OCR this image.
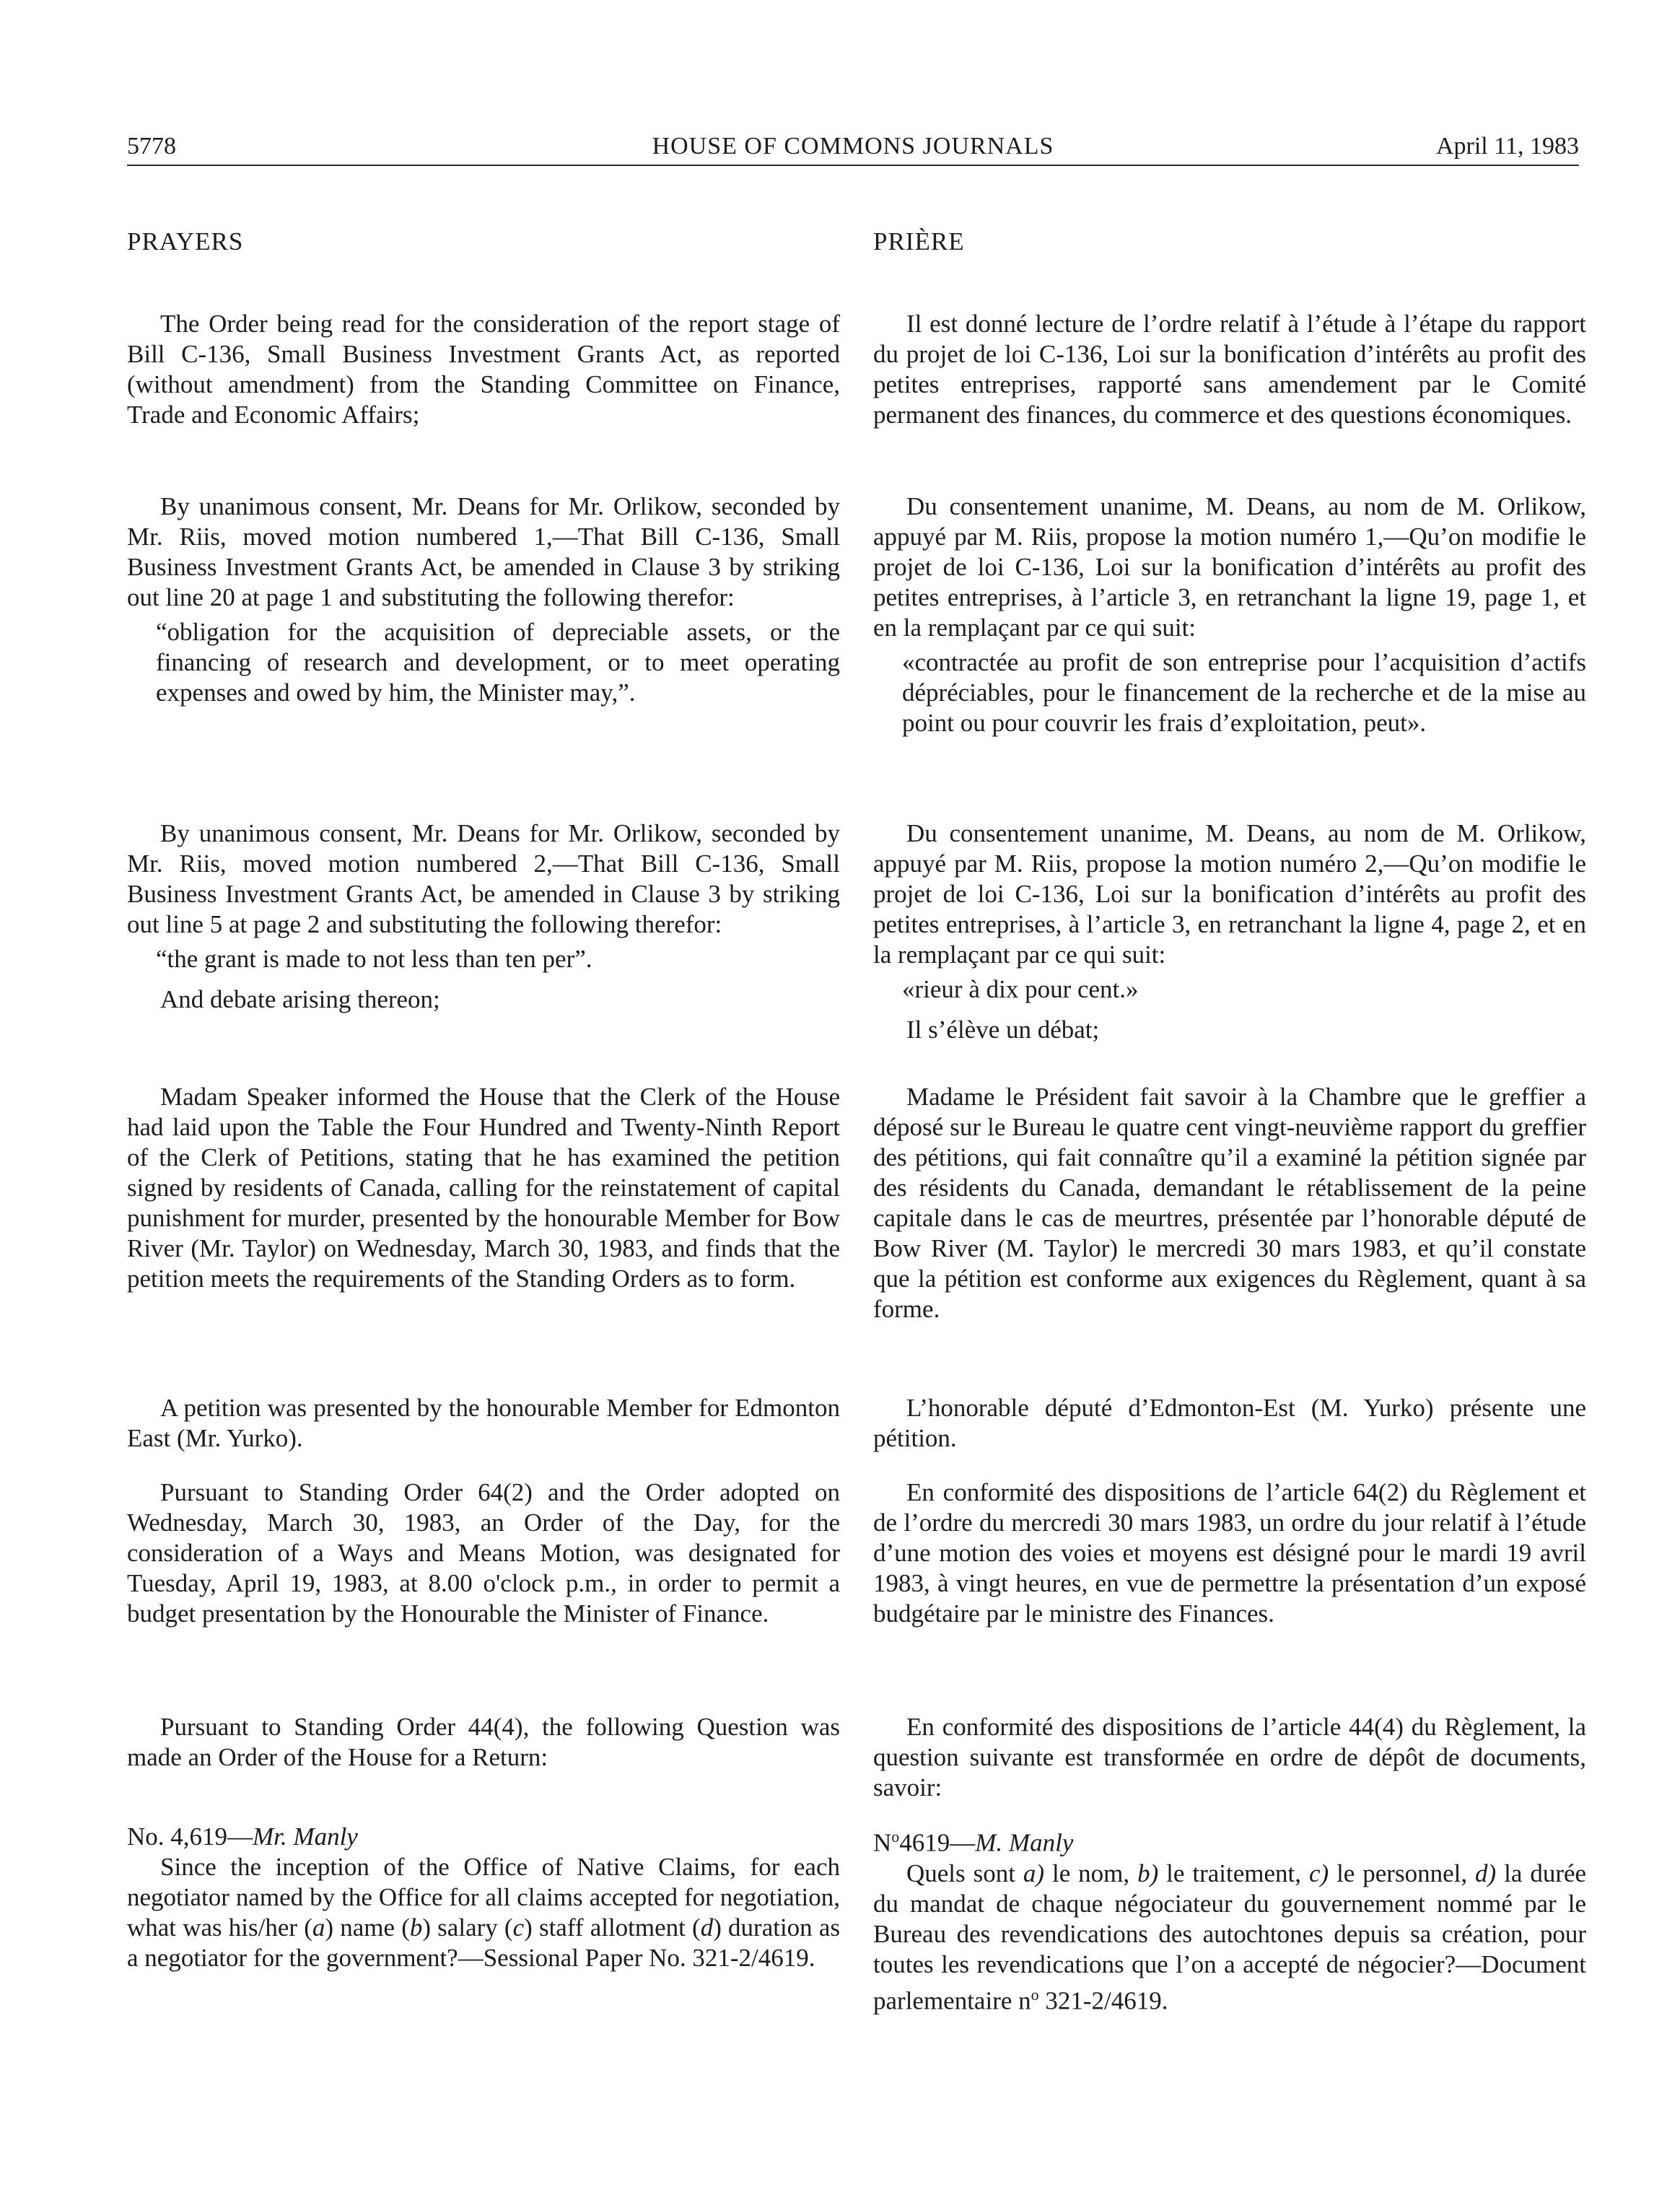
5778	HOUSE OF COMMONS JOURNALS	April 11, 1983
PRAYERS

The Order being read for the consideration of the report stage of Bill C-136, Small Business Investment Grants Act, as reported (without amendment) from the Standing Committee on Finance, Trade and Economic Affairs;

By unanimous consent, Mr. Deans for Mr. Orlikow, seconded by Mr. Riis, moved motion numbered 1,—That Bill C-136, Small Business Investment Grants Act, be amended in Clause 3 by striking out line 20 at page 1 and substituting the following therefor:

“obligation for the acquisition of depreciable assets, or the financing of research and development, or to meet operating expenses and owed by him, the Minister may,”.

By unanimous consent, Mr. Deans for Mr. Orlikow, seconded by Mr. Riis, moved motion numbered 2,—That Bill C-136, Small Business Investment Grants Act, be amended in Clause 3 by striking out line 5 at page 2 and substituting the following therefor:

“the grant is made to not less than ten per”.

And debate arising thereon;

Madam Speaker informed the House that the Clerk of the House had laid upon the Table the Four Hundred and Twenty-Ninth Report of the Clerk of Petitions, stating that he has examined the petition signed by residents of Canada, calling for the reinstatement of capital punishment for murder, presented by the honourable Member for Bow River (Mr. Taylor) on Wednesday, March 30, 1983, and finds that the petition meets the requirements of the Standing Orders as to form.

A petition was presented by the honourable Member for Edmonton East (Mr. Yurko).

Pursuant to Standing Order 64(2) and the Order adopted on Wednesday, March 30, 1983, an Order of the Day, for the consideration of a Ways and Means Motion, was designated for Tuesday, April 19, 1983, at 8.00 o'clock p.m., in order to permit a budget presentation by the Honourable the Minister of Finance.

Pursuant to Standing Order 44(4), the following Question was made an Order of the House for a Return:

No. 4,619—Mr. Manly

Since the inception of the Office of Native Claims, for each negotiator named by the Office for all claims accepted for negotiation, what was his/her (a) name (b) salary (c) staff allotment (d) duration as a negotiator for the government?—Sessional Paper No. 321-2/4619.

PRIÈRE

Il est donné lecture de l’ordre relatif à l’étude à l’étape du rapport du projet de loi C-136, Loi sur la bonification d’intérêts au profit des petites entreprises, rapporté sans amendement par le Comité permanent des finances, du commerce et des questions économiques.

Du consentement unanime, M. Deans, au nom de M. Orlikow, appuyé par M. Riis, propose la motion numéro 1,—Qu’on modifie le projet de loi C-136, Loi sur la bonification d’intérêts au profit des petites entreprises, à l’article 3, en retranchant la ligne 19, page 1, et en la remplaçant par ce qui suit:

«contractée au profit de son entreprise pour l’acquisition d’actifs dépréciables, pour le financement de la recherche et de la mise au point ou pour couvrir les frais d’exploitation, peut».

Du consentement unanime, M. Deans, au nom de M. Orlikow, appuyé par M. Riis, propose la motion numéro 2,—Qu’on modifie le projet de loi C-136, Loi sur la bonification d’intérêts au profit des petites entreprises, à l’article 3, en retranchant la ligne 4, page 2, et en la remplaçant par ce qui suit:

«rieur à dix pour cent.»

Il s’élève un débat;

Madame le Président fait savoir à la Chambre que le greffier a déposé sur le Bureau le quatre cent vingt-neuvième rapport du greffier des pétitions, qui fait connaître qu’il a examiné la pétition signée par des résidents du Canada, demandant le rétablissement de la peine capitale dans le cas de meurtres, présentée par l’honorable député de Bow River (M. Taylor) le mercredi 30 mars 1983, et qu’il constate que la pétition est conforme aux exigences du Règlement, quant à sa forme.

L’honorable député d’Edmonton-Est (M. Yurko) présente une pétition.

En conformité des dispositions de l’article 64(2) du Règlement et de l’ordre du mercredi 30 mars 1983, un ordre du jour relatif à l’étude d’une motion des voies et moyens est désigné pour le mardi 19 avril 1983, à vingt heures, en vue de permettre la présentation d’un exposé budgétaire par le ministre des Finances.

En conformité des dispositions de l’article 44(4) du Règlement, la question suivante est transformée en ordre de dépôt de documents, savoir:

$N^o4619—M$. Manly

Quels sont a) le nom, b) le traitement, c) le personnel, d) la durée du mandat de chaque négociateur du gouvernement nommé par le Bureau des revendications des autochtones depuis sa création, pour toutes les revendications que l’on a accepté de négocier?—Document parlementaire $n^o$ 321-2/4619.
